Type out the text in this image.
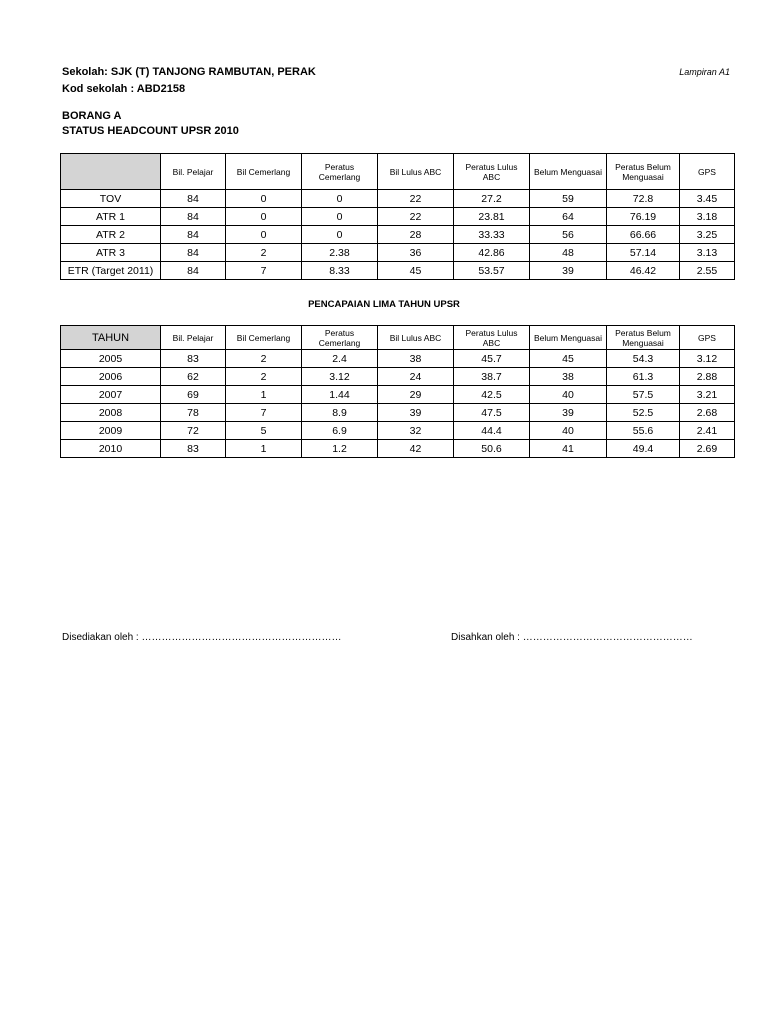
Sekolah: SJK (T) TANJONG RAMBUTAN, PERAK	Lampiran A1
Kod sekolah : ABD2158
BORANG A
STATUS HEADCOUNT UPSR 2010
	Bil. Pelajar	Bil Cemerlang	Peratus Cemerlang	Bil Lulus ABC	Peratus Lulus ABC	Belum Menguasai	Peratus Belum Menguasai	GPS
TOV	84	0	0	22	27.2	59	72.8	3.45
ATR 1	84	0	0	22	23.81	64	76.19	3.18
ATR 2	84	0	0	28	33.33	56	66.66	3.25
ATR 3	84	2	2.38	36	42.86	48	57.14	3.13
ETR (Target 2011)	84	7	8.33	45	53.57	39	46.42	2.55
PENCAPAIAN LIMA TAHUN UPSR
TAHUN	Bil. Pelajar	Bil Cemerlang	Peratus Cemerlang	Bil Lulus ABC	Peratus Lulus ABC	Belum Menguasai	Peratus Belum Menguasai	GPS
2005	83	2	2.4	38	45.7	45	54.3	3.12
2006	62	2	3.12	24	38.7	38	61.3	2.88
2007	69	1	1.44	29	42.5	40	57.5	3.21
2008	78	7	8.9	39	47.5	39	52.5	2.68
2009	72	5	6.9	32	44.4	40	55.6	2.41
2010	83	1	1.2	42	50.6	41	49.4	2.69
Disediakan oleh : ……………………………………………………	Disahkan oleh : ……………………………………………
